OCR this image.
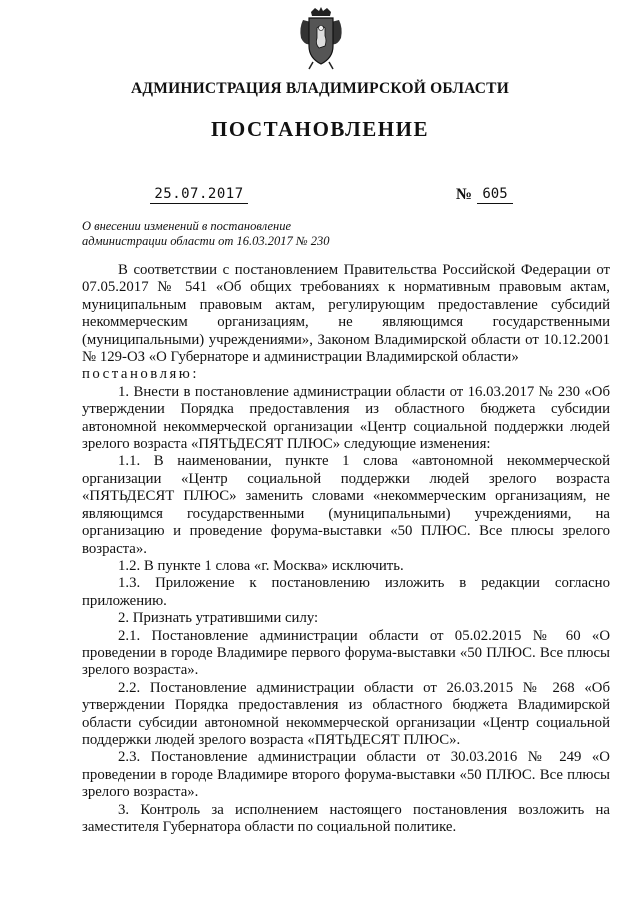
АДМИНИСТРАЦИЯ ВЛАДИМИРСКОЙ ОБЛАСТИ
ПОСТАНОВЛЕНИЕ
25.07.2017	№ 605
О внесении изменений в постановление
администрации области от 16.03.2017 № 230

В соответствии с постановлением Правительства Российской Федерации от 07.05.2017 № 541 «Об общих требованиях к нормативным правовым актам, муниципальным правовым актам, регулирующим предоставление субсидий некоммерческим организациям, не являющимся государственными (муниципальными) учреждениями», Законом Владимирской области от 10.12.2001 № 129-ОЗ «О Губернаторе и администрации Владимирской области»

постановляю:

1. Внести в постановление администрации области от 16.03.2017 № 230 «Об утверждении Порядка предоставления из областного бюджета субсидии автономной некоммерческой организации «Центр социальной поддержки людей зрелого возраста «ПЯТЬДЕСЯТ ПЛЮС» следующие изменения:

1.1. В наименовании, пункте 1 слова «автономной некоммерческой организации «Центр социальной поддержки людей зрелого возраста «ПЯТЬДЕСЯТ ПЛЮС» заменить словами «некоммерческим организациям, не являющимся государственными (муниципальными) учреждениями, на организацию и проведение форума-выставки «50 ПЛЮС. Все плюсы зрелого возраста».

1.2. В пункте 1 слова «г. Москва» исключить.

1.3. Приложение к постановлению изложить в редакции согласно приложению.

2. Признать утратившими силу:

2.1. Постановление администрации области от 05.02.2015 № 60 «О проведении в городе Владимире первого форума-выставки «50 ПЛЮС. Все плюсы зрелого возраста».

2.2. Постановление администрации области от 26.03.2015 № 268 «Об утверждении Порядка предоставления из областного бюджета Владимирской области субсидии автономной некоммерческой организации «Центр социальной поддержки людей зрелого возраста «ПЯТЬДЕСЯТ ПЛЮС».

2.3. Постановление администрации области от 30.03.2016 № 249 «О проведении в городе Владимире второго форума-выставки «50 ПЛЮС. Все плюсы зрелого возраста».

3. Контроль за исполнением настоящего постановления возложить на заместителя Губернатора области по социальной политике.
